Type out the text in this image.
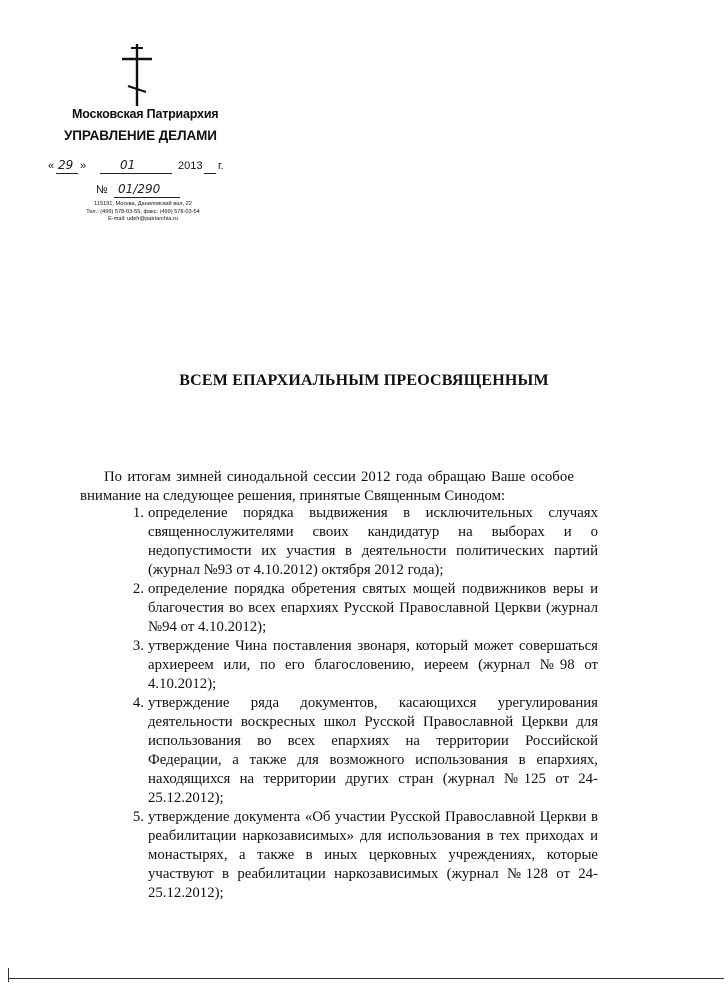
Московская Патриархия
УПРАВЛЕНИЕ ДЕЛАМИ
« 29 »	01	2013 г.
№ 01/290
115191, Москва, Даниловский вал, 22
Тел.: (499) 578-03-55, факс: (499) 578-03-54
E-mail: udelr@patriarchia.ru
ВСЕМ ЕПАРХИАЛЬНЫМ ПРЕОСВЯЩЕННЫМ
По итогам зимней синодальной сессии 2012 года обращаю Ваше особое внимание на следующее решения, принятые Священным Синодом:

1. определение порядка выдвижения в исключительных случаях священнослужителями своих кандидатур на выборах и о недопустимости их участия в деятельности политических партий (журнал №93 от 4.10.2012) октября 2012 года);

2. определение порядка обретения святых мощей подвижников веры и благочестия во всех епархиях Русской Православной Церкви (журнал №94 от 4.10.2012);

3. утверждение Чина поставления звонаря, который может совершаться архиереем или, по его благословению, иереем (журнал №98 от 4.10.2012);

4. утверждение ряда документов, касающихся урегулирования деятельности воскресных школ Русской Православной Церкви для использования во всех епархиях на территории Российской Федерации, а также для возможного использования в епархиях, находящихся на территории других стран (журнал №125 от 24-25.12.2012);

5. утверждение документа «Об участии Русской Православной Церкви в реабилитации наркозависимых» для использования в тех приходах и монастырях, а также в иных церковных учреждениях, которые участвуют в реабилитации наркозависимых (журнал №128 от 24-25.12.2012);
